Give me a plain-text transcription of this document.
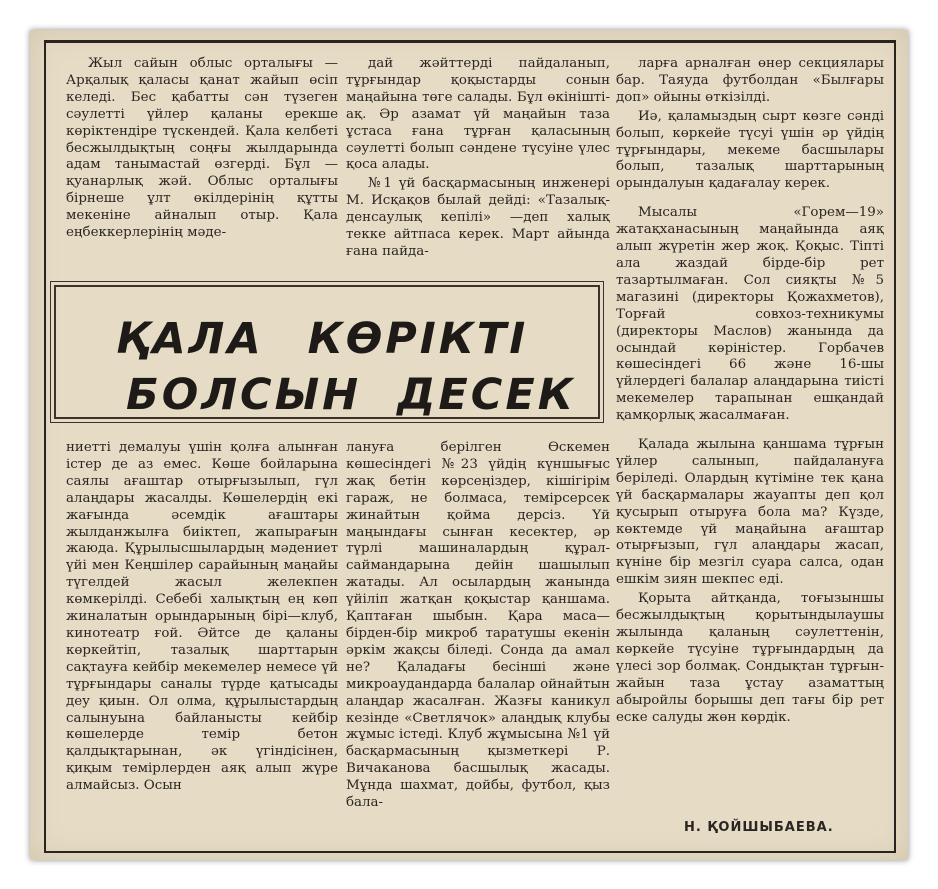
Жыл сайын облыс орталығы —Арқалық қаласы қанат жайып өсіп келеді. Бес қабатты сән түзеген сәулетті үйлер қаланы ерекше көріктендіре түскендей. Қала келбеті бесжылдықтың соңғы жылдарында адам танымастай өзгерді. Бұл —қуанарлық жәй. Облыс орталығы бірнеше ұлт өкілдерінің құтты мекеніне айналып отыр. Қала еңбеккерлерінің мәде-

дай жәйттерді пайдаланып, тұрғындар қоқыстарды сонын маңайына төге салады. Бұл өкінішті-ақ. Әр азамат үй маңайын таза ұстаса ғана тұрған қаласының сәулетті болып сәндене түсуіне үлес қоса алады.

№1 үй басқармасының инженері М. Исқақов былай дейді: «Тазалық-денсаулық кепілі» —деп халық текке айтпаса керек. Март айында ғана пайда-

ларға арналған өнер секциялары бар. Таяуда футболдан «Былғары доп» ойыны өткізілді.

Иә, қаламыздың сырт көзге сәнді болып, көркейе түсуі үшін әр үйдің тұрғындары, мекеме басшылары болып, тазалық шарттарының орындалуын қадағалау керек.

Мысалы «Горем—19» жатақханасының маңайында аяқ алып жүретін жер жоқ. Қоқыс. Тіпті ала жаздай бірде-бір рет тазартылмаған. Сол сияқты №5 магазині (директоры Қожахметов), Торғай совхоз-техникумы (директоры Маслов) жанында да осындай көріністер. Горбачев көшесіндегі 66 және 16-шы үйлердегі балалар алаңдарына тиісті мекемелер тарапынан ешқандай қамқорлық жасалмаған.

Қалада жылына қаншама тұрғын үйлер салынып, пайдалануға беріледі. Олардың күтіміне тек қана үй басқармалары жауапты деп қол қусырып отыруға бола ма? Күзде, көктемде үй маңайына ағаштар отырғызып, гүл алаңдары жасап, күніне бір мезгіл суара салса, одан ешкім зиян шекпес еді.

Қорыта айтқанда, тоғызыншы бесжылдықтың қорытындылаушы жылында қаланың сәулеттенін, көркейе түсуіне тұрғындардың да үлесі зор болмақ. Сондықтан тұрғын-жайын таза ұстау азаматтың абыройлы борышы деп тағы бір рет еске салуды жөн көрдік.

ҚАЛА КӨРІКТІ
БОЛСЫН ДЕСЕК

ниетті демалуы үшін қолға алынған істер де аз емес. Көше бойларына саялы ағаштар отырғызылып, гүл алаңдары жасалды. Көшелердің екі жағында әсемдік ағаштары жылданжылға биіктеп, жапырағын жаюда. Құрылысшылардың мәдениет үйі мен Кеңшілер сарайының маңайы түгелдей жасыл желекпен көмкерілді. Себебі халықтың ең көп жиналатын орындарының бірі—клуб, кинотеатр ғой. Әйтсе де қаланы көркейтіп, тазалық шарттарын сақтауға кейбір мекемелер немесе үй тұрғындары саналы түрде қатысады деу қиын. Ол олма, құрылыстардың салынуына байланысты кейбір көшелерде темір бетон қалдықтарынан, әк үгіндісінен, қиқым темірлерден аяқ алып жүре алмайсыз. Осын

лануға берілген Өскемен көшесіндегі №23 үйдің күншығыс жақ бетін көрсеңіздер, кішігірім гараж, не болмаса, темірсерсек жинайтын қойма дерсіз. Үй маңындағы сынған кесектер, әр түрлі машиналардың құрал-саймандарына дейін шашылып жатады. Ал осылардың жанында үйіліп жатқан қоқыстар қаншама. Қаптаған шыбын. Қара маса—бірден-бір микроб таратушы екенін әркім жақсы біледі. Сонда да амал не? Қаладағы бесінші және микроаудандарда балалар ойнайтын алаңдар жасалған. Жазғы каникул кезінде «Светлячок» алаңдық клубы жұмыс істеді. Клуб жұмысына №1 үй басқармасының қызметкері Р. Вичаканова басшылық жасады. Мұнда шахмат, дойбы, футбол, қыз бала-

Н. ҚОЙШЫБАЕВА.
